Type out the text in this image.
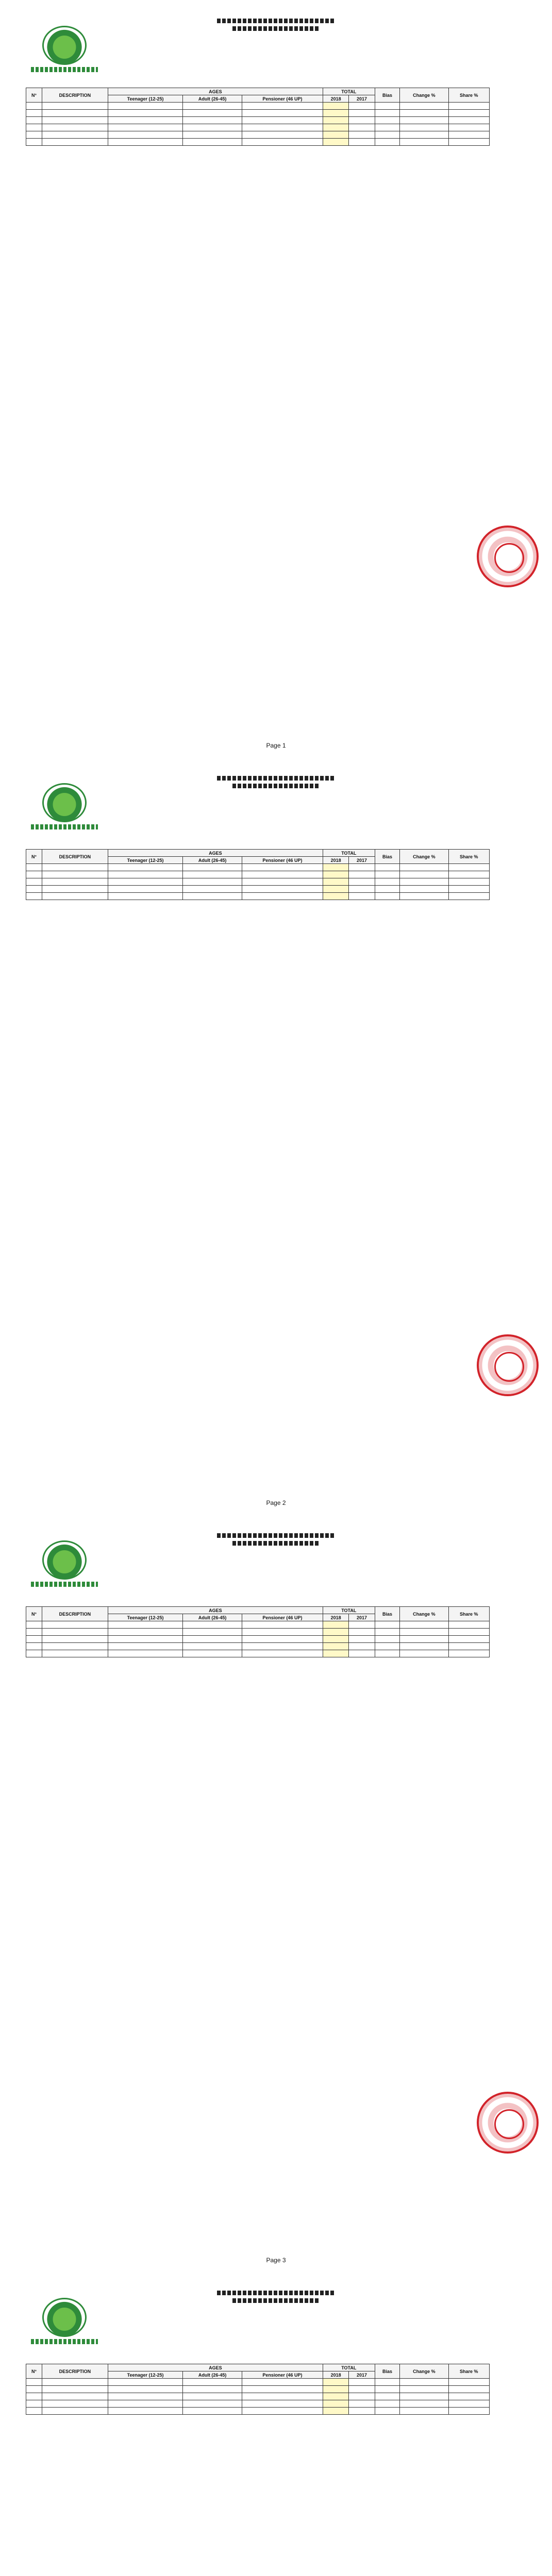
N°	DESCRIPTION	AGES			TOTAL		Bias	Change %	Share %
		Teenager (12-25)	Adult (26-45)	Pensioner (46 UP)	2018	2017			

Page 1
N°	DESCRIPTION	AGES			TOTAL		Bias	Change %	Share %
		Teenager (12-25)	Adult (26-45)	Pensioner (46 UP)	2018	2017			

Page 2
N°	DESCRIPTION	AGES			TOTAL		Bias	Change %	Share %
		Teenager (12-25)	Adult (26-45)	Pensioner (46 UP)	2018	2017			

Page 3
N°	DESCRIPTION	AGES			TOTAL		Bias	Change %	Share %
		Teenager (12-25)	Adult (26-45)	Pensioner (46 UP)	2018	2017			
